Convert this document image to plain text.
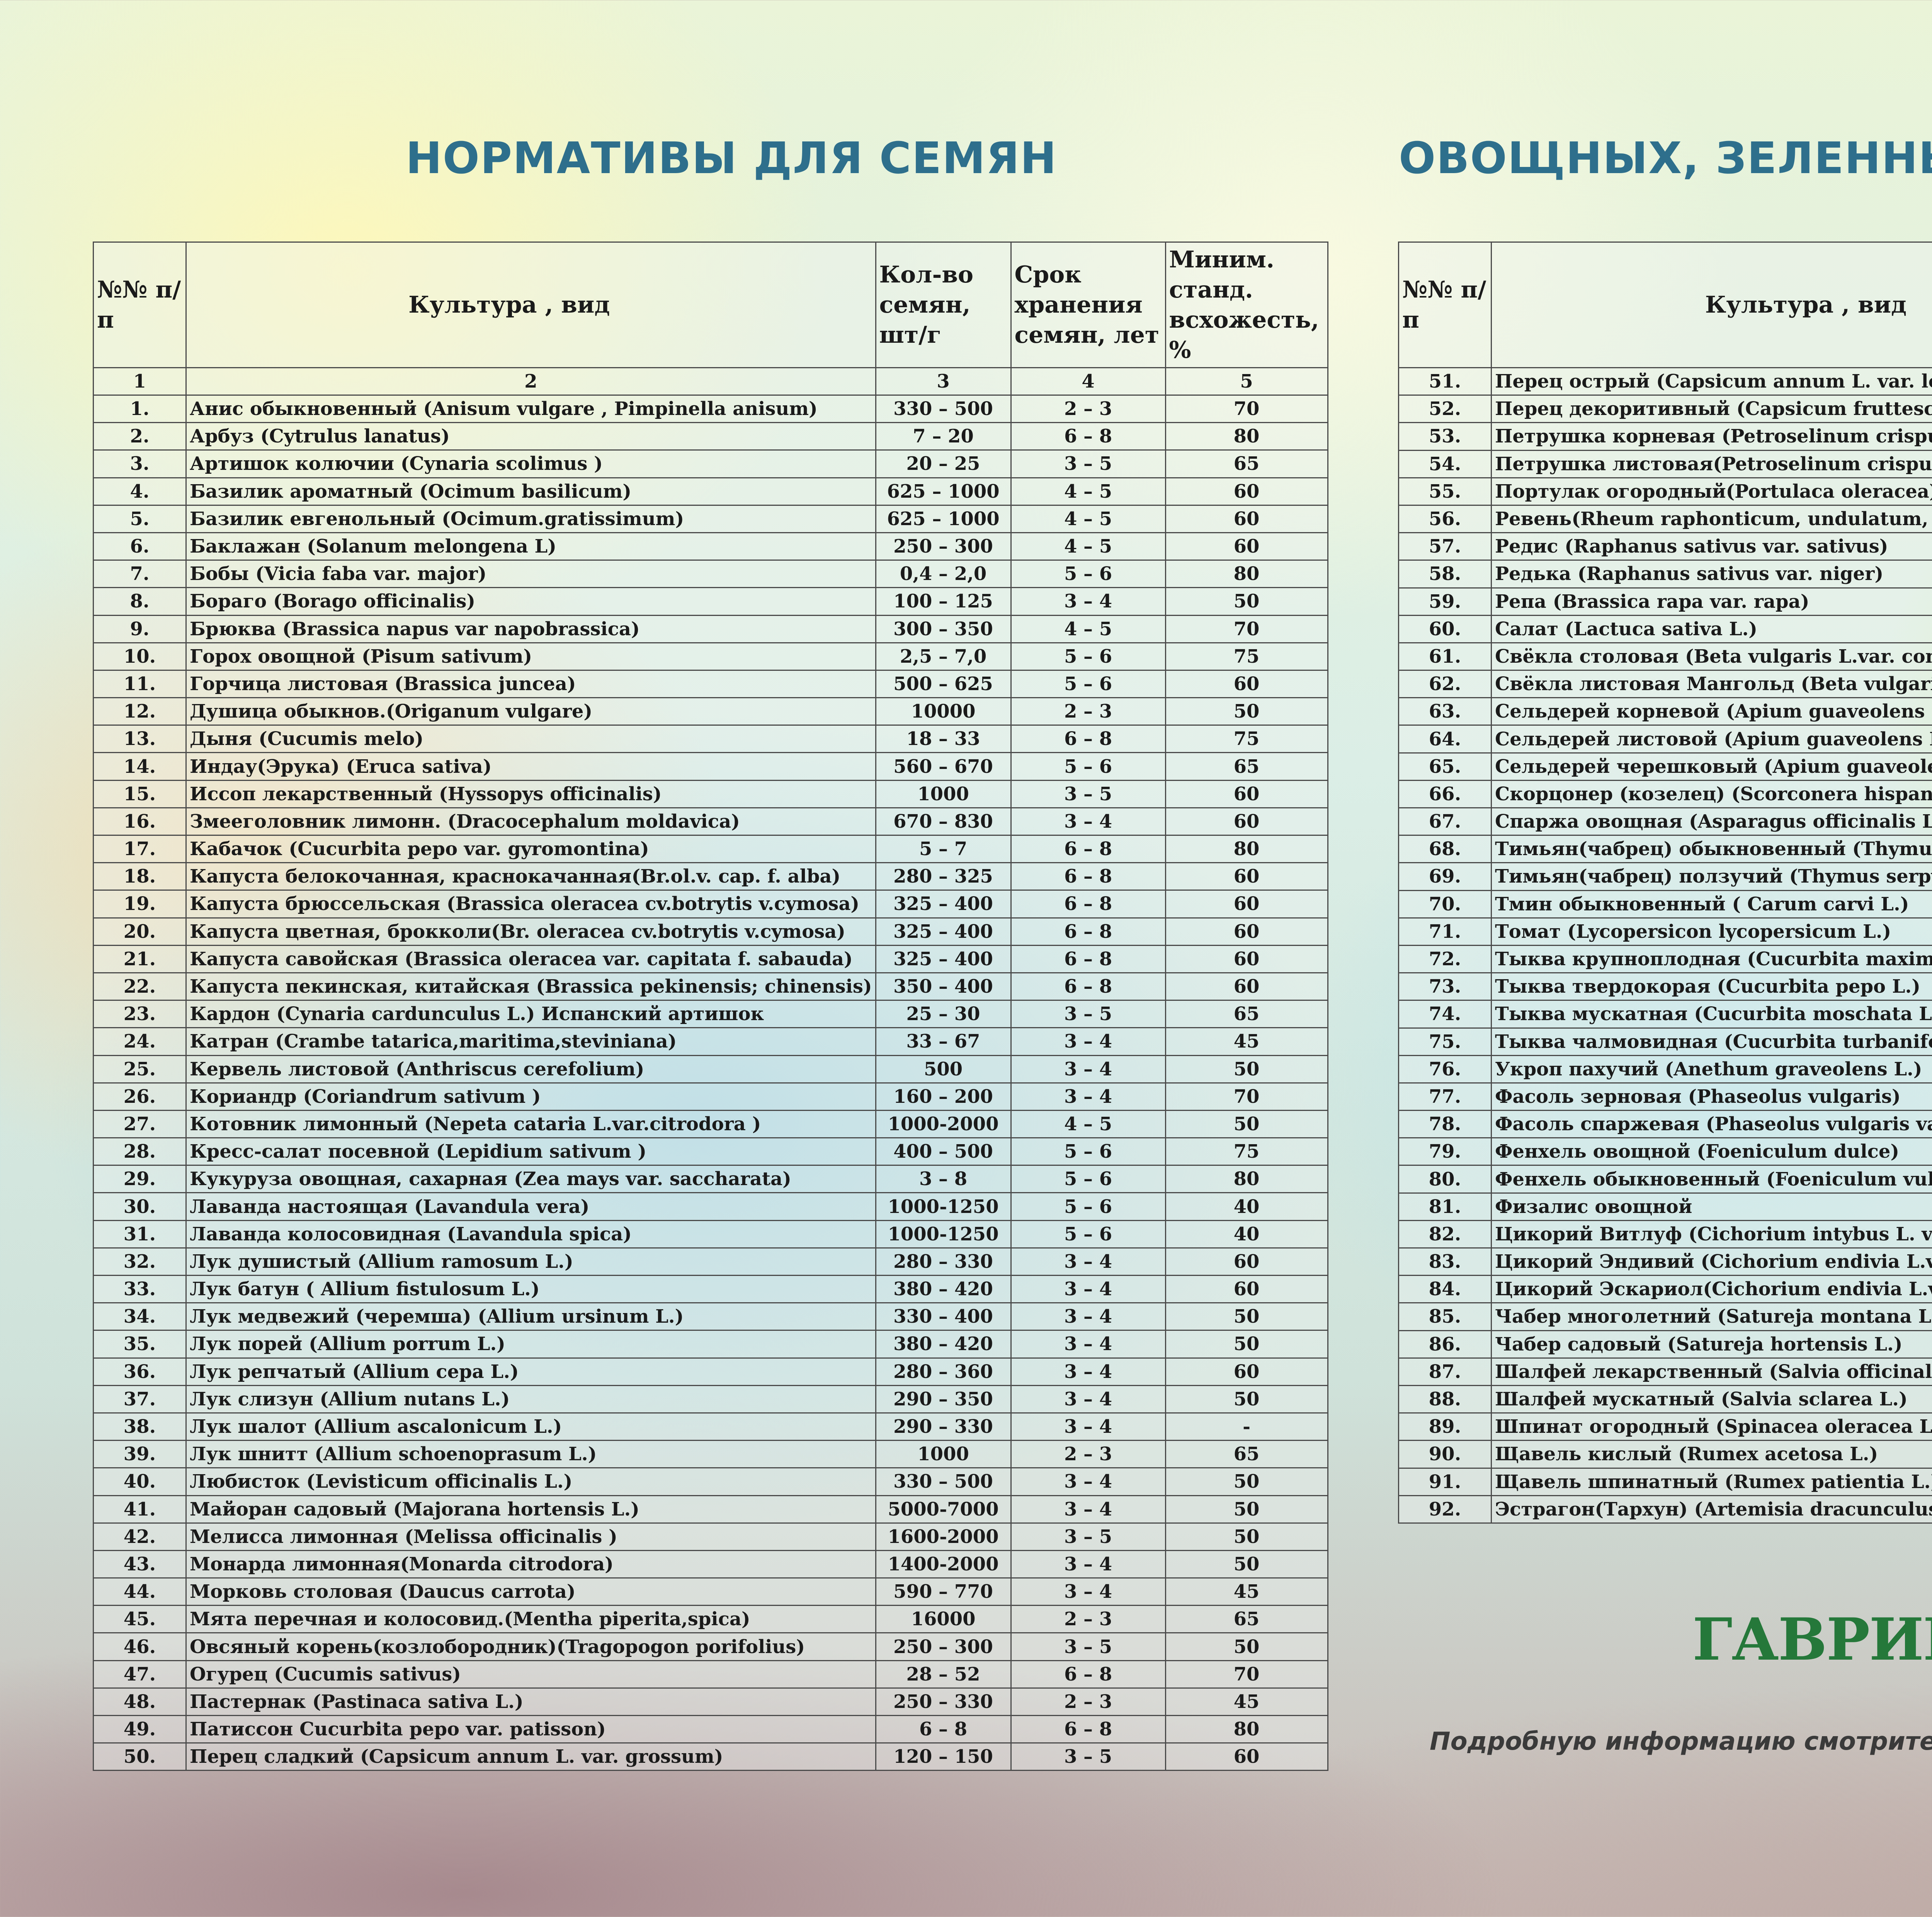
НОРМАТИВЫ ДЛЯ СЕМЯН	ОВОЩНЫХ, ЗЕЛЕНН
№№ п/п	Культура , вид	Кол-во семян, шт/г	Срок хранения семян, лет	Миним. станд. всхожесть, %
1	2	3	4	5
1.	Анис обыкновенный (Anisum vulgare , Pimpinella anisum)	330 – 500	2 – 3	70
2.	Арбуз (Cytrulus lanatus)	7 – 20	6 – 8	80
3.	Артишок колючии (Cynaria scolimus )	20 – 25	3 – 5	65
4.	Базилик ароматный (Ocimum basilicum)	625 – 1000	4 – 5	60
5.	Базилик евгенольный (Ocimum.gratissimum)	625 – 1000	4 – 5	60
6.	Баклажан (Solanum melongena L)	250 – 300	4 – 5	60
7.	Бобы (Vicia faba var. major)	0,4 – 2,0	5 – 6	80
8.	Бораго (Borago officinalis)	100 – 125	3 – 4	50
9.	Брюква (Brassica napus var napobrassica)	300 – 350	4 – 5	70
10.	Горох овощной (Pisum sativum)	2,5 – 7,0	5 – 6	75
11.	Горчица листовая (Brassica juncea)	500 – 625	5 – 6	60
12.	Душица обыкнов.(Origanum vulgare)	10000	2 – 3	50
13.	Дыня (Cucumis melo)	18 – 33	6 – 8	75
14.	Индау(Эрука) (Eruca sativa)	560 – 670	5 – 6	65
15.	Иссоп лекарственный (Hyssopys officinalis)	1000	3 – 5	60
16.	Змееголовник лимонн. (Dracocephalum moldavica)	670 – 830	3 – 4	60
17.	Кабачок (Cucurbita pepo var. gyromontina)	5 – 7	6 – 8	80
18.	Капуста белокочанная, краснокачанная(Br.ol.v. cap. f. alba)	280 – 325	6 – 8	60
19.	Капуста брюссельская (Brassica oleracea cv.botrytis v.cymosa)	325 – 400	6 – 8	60
20.	Капуста цветная, брокколи(Br. oleracea cv.botrytis v.cymosa)	325 – 400	6 – 8	60
21.	Капуста савойская (Brassica oleracea var. capitata f. sabauda)	325 – 400	6 – 8	60
22.	Капуста пекинская, китайская (Brassica pekinensis; chinensis)	350 – 400	6 – 8	60
23.	Кардон (Cynaria cardunculus L.) Испанский артишок	25 – 30	3 – 5	65
24.	Катран (Crambe tatarica,maritima,steviniana)	33 – 67	3 – 4	45
25.	Кервель листовой (Anthriscus cerefolium)	500	3 – 4	50
26.	Кориандр (Coriandrum sativum )	160 – 200	3 – 4	70
27.	Котовник лимонный (Nepeta cataria L.var.citrodora )	1000-2000	4 – 5	50
28.	Кресс-салат посевной (Lepidium sativum )	400 – 500	5 – 6	75
29.	Кукуруза овощная, сахарная (Zea mays var. saccharata)	3 – 8	5 – 6	80
30.	Лаванда настоящая (Lavandula vera)	1000-1250	5 – 6	40
31.	Лаванда колосовидная (Lavandula spica)	1000-1250	5 – 6	40
32.	Лук душистый (Allium ramosum L.)	280 – 330	3 – 4	60
33.	Лук батун ( Allium fistulosum L.)	380 – 420	3 – 4	60
34.	Лук медвежий (черемша) (Allium ursinum L.)	330 – 400	3 – 4	50
35.	Лук порей (Allium porrum L.)	380 – 420	3 – 4	50
36.	Лук репчатый (Allium cepa L.)	280 – 360	3 – 4	60
37.	Лук слизун (Allium nutans L.)	290 – 350	3 – 4	50
38.	Лук шалот (Allium ascalonicum L.)	290 – 330	3 – 4	-
39.	Лук шнитт (Allium schoenoprasum L.)	1000	2 – 3	65
40.	Любисток (Levisticum officinalis L.)	330 – 500	3 – 4	50
41.	Майоран садовый (Majorana hortensis L.)	5000-7000	3 – 4	50
42.	Мелисса лимонная (Melissa officinalis )	1600-2000	3 – 5	50
43.	Монарда лимонная(Monarda citrodora)	1400-2000	3 – 4	50
44.	Морковь столовая (Daucus carrota)	590 – 770	3 – 4	45
45.	Мята перечная и колосовид.(Mentha piperita,spica)	16000	2 – 3	65
46.	Овсяный корень(козлобородник)(Tragopogon porifolius)	250 – 300	3 – 5	50
47.	Огурец (Cucumis sativus)	28 – 52	6 – 8	70
48.	Пастернак (Pastinaca sativa L.)	250 – 330	2 – 3	45
49.	Патиссон Cucurbita pepo var. patisson)	6 – 8	6 – 8	80
50.	Перец сладкий (Capsicum annum L. var. grossum)	120 – 150	3 – 5	60
№№ п/п	Культура , вид			
51.	Перец острый (Capsicum annum L. var. l			
52.	Перец декоритивный (Capsicum fruttesc			
53.	Петрушка корневая (Petroselinum crispum )			
54.	Петрушка листовая(Petroselinum crispum )			
55.	Портулак огородный(Portulaca oleracea)			
56.	Ревень(Rheum raphonticum, undulatum,			
57.	Редис (Raphanus sativus var. sativus)			
58.	Редька (Raphanus sativus var. niger)			
59.	Репа (Brassica rapa var. rapa)			
60.	Салат (Lactuca sativa L.)			
61.	Свёкла столовая (Beta vulgaris L.var. co			
62.	Свёкла листовая Мангольд (Beta vulgar			
63.	Сельдерей корневой (Apium guaveolens			
64.	Сельдерей листовой (Apium guaveolens			
65.	Сельдерей черешковый (Apium guaveol			
66.	Скорцонер (козелец) (Scorconera hispan			
67.	Спаржа овощная (Asparagus officinalis L.)			
68.	Тимьян(чабрец) обыкновенный (Thymu			
69.	Тимьян(чабрец) ползучий (Thymus serp			
70.	Тмин обыкновенный ( Carum carvi L.)			
71.	Томат (Lycopersicon lycopersicum L.)			
72.	Тыква крупноплодная (Cucurbita maxi			
73.	Тыква твердокорая (Cucurbita pepo L.)			
74.	Тыква мускатная (Cucurbita moschata L.)			
75.	Тыква чалмовидная (Cucurbita turbanif			
76.	Укроп пахучий (Anethum graveolens L.)			
77.	Фасоль зерновая (Phaseolus vulgaris)			
78.	Фасоль спаржевая (Phaseolus vulgaris v			
79.	Фенхель овощной (Foeniculum dulce)			
80.	Фенхель обыкновенный (Foeniculum vu			
81.	Физалис овощной			
82.	Цикорий Витлуф (Cichorium intybus L. v			
83.	Цикорий Эндивий (Cichorium endivia L.			
84.	Цикорий Эскариол(Cichorium endivia L.			
85.	Чабер многолетний (Satureja montana L.)			
86.	Чабер садовый (Satureja hortensis L.)			
87.	Шалфей лекарственный (Salvia officinal			
88.	Шалфей мускатный (Salvia sclarea L.)			
89.	Шпинат огородный (Spinacea oleracea L.)			
90.	Щавель кислый (Rumex acetosa L.)			
91.	Щавель шпинатный (Rumex patientia L.)			
92.	Эстрагон(Тархун) (Artemisia dracunculus )			
ГАВРИ

Подробную информацию смотрите
